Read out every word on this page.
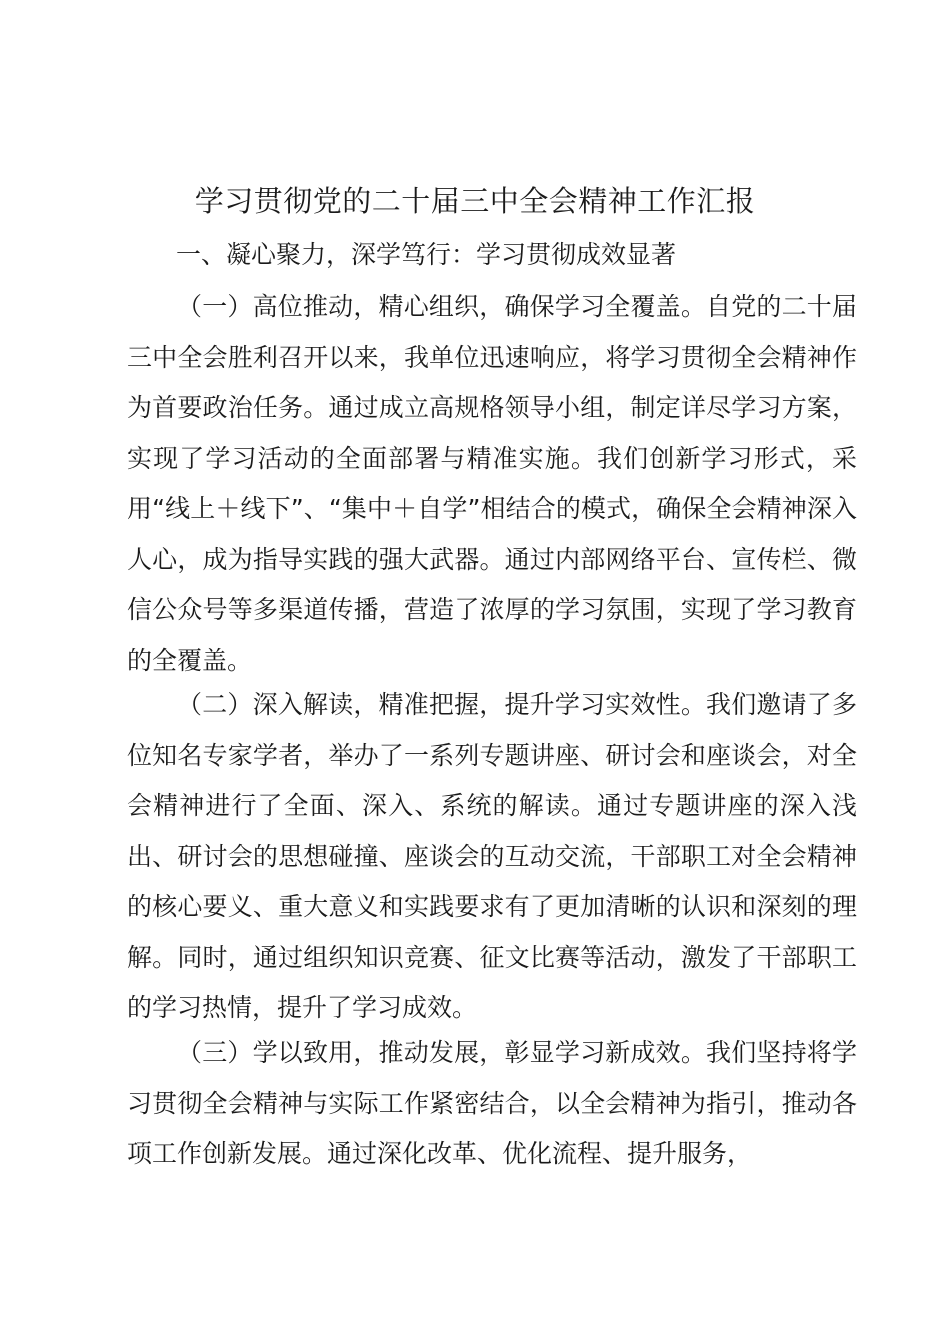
学习贯彻党的二十届三中全会精神工作汇报
一、凝心聚力，深学笃行：学习贯彻成效显著

（一）高位推动，精心组织，确保学习全覆盖。自党的二十届三中全会胜利召开以来，我单位迅速响应，将学习贯彻全会精神作为首要政治任务。通过成立高规格领导小组，制定详尽学习方案，实现了学习活动的全面部署与精准实施。我们创新学习形式，采用“线上＋线下”、“集中＋自学”相结合的模式，确保全会精神深入人心，成为指导实践的强大武器。通过内部网络平台、宣传栏、微信公众号等多渠道传播，营造了浓厚的学习氛围，实现了学习教育的全覆盖。

（二）深入解读，精准把握，提升学习实效性。我们邀请了多位知名专家学者，举办了一系列专题讲座、研讨会和座谈会，对全会精神进行了全面、深入、系统的解读。通过专题讲座的深入浅出、研讨会的思想碰撞、座谈会的互动交流，干部职工对全会精神的核心要义、重大意义和实践要求有了更加清晰的认识和深刻的理解。同时，通过组织知识竞赛、征文比赛等活动，激发了干部职工的学习热情，提升了学习成效。

（三）学以致用，推动发展，彰显学习新成效。我们坚持将学习贯彻全会精神与实际工作紧密结合，以全会精神为指引，推动各项工作创新发展。通过深化改革、优化流程、提升服务，
